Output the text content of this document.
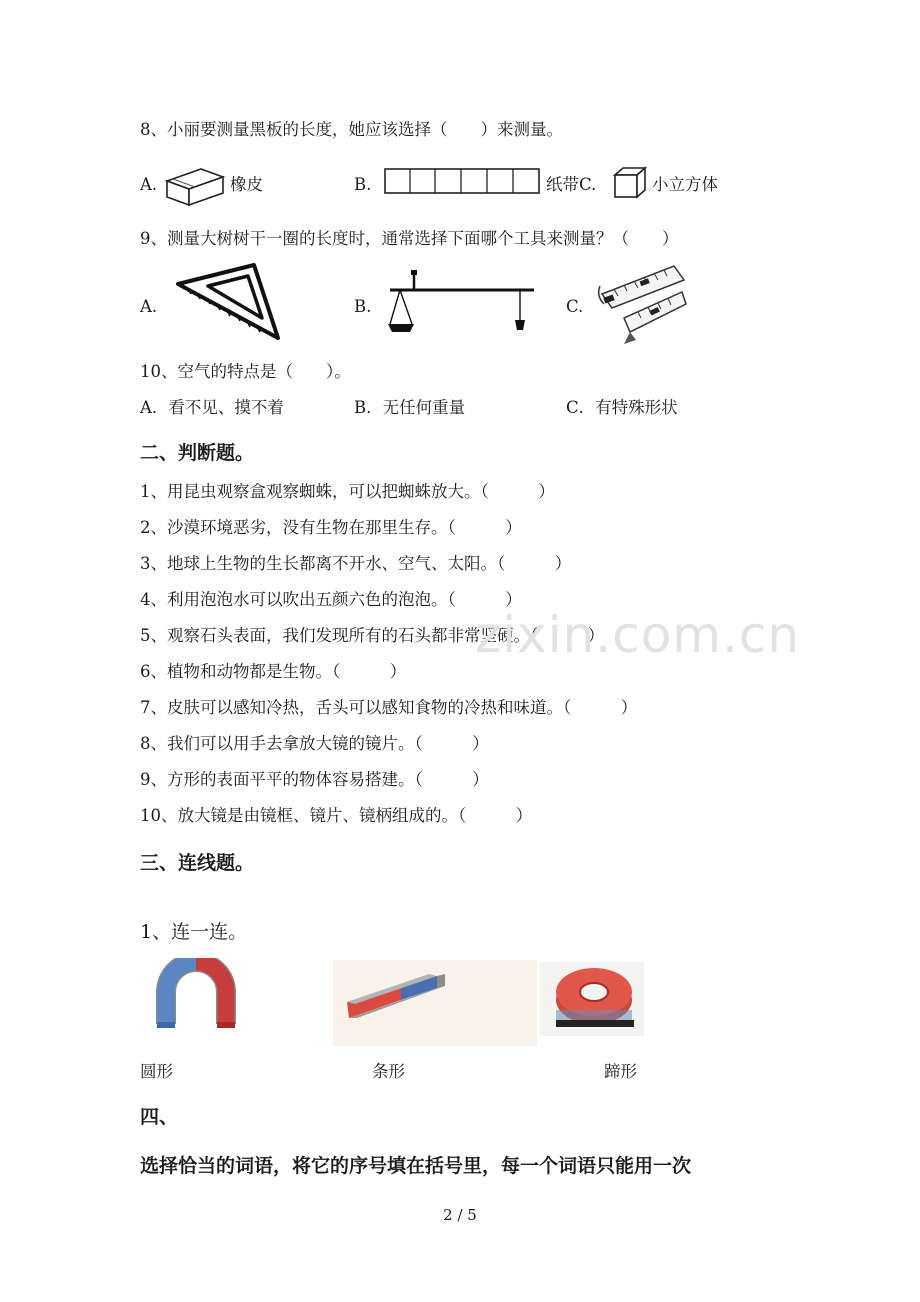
8、小丽要测量黑板的长度，她应该选择（　　）来测量。
A.	橡皮	B.	纸带C.	小立方体
9、测量大树树干一圈的长度时，通常选择下面哪个工具来测量？（　　）
A.	B.	C.
10、空气的特点是（　　）。
A．看不见、摸不着	B．无任何重量	C．有特殊形状
二、判断题。
1、用昆虫观察盒观察蜘蛛，可以把蜘蛛放大。（　　　）
2、沙漠环境恶劣，没有生物在那里生存。（　　　）
3、地球上生物的生长都离不开水、空气、太阳。（　　　）
4、利用泡泡水可以吹出五颜六色的泡泡。（　　　）
5、观察石头表面，我们发现所有的石头都非常坚硬。（　　　）
6、植物和动物都是生物。（　　　）
7、皮肤可以感知冷热，舌头可以感知食物的冷热和味道。（　　　）
8、我们可以用手去拿放大镜的镜片。（　　　）
9、方形的表面平平的物体容易搭建。（　　　）
10、放大镜是由镜框、镜片、镜柄组成的。（　　　）
zixin.com.cn
三、连线题。
1、连一连。
圆形	条形	蹄形
四、
选择恰当的词语，将它的序号填在括号里，每一个词语只能用一次
2 / 5
